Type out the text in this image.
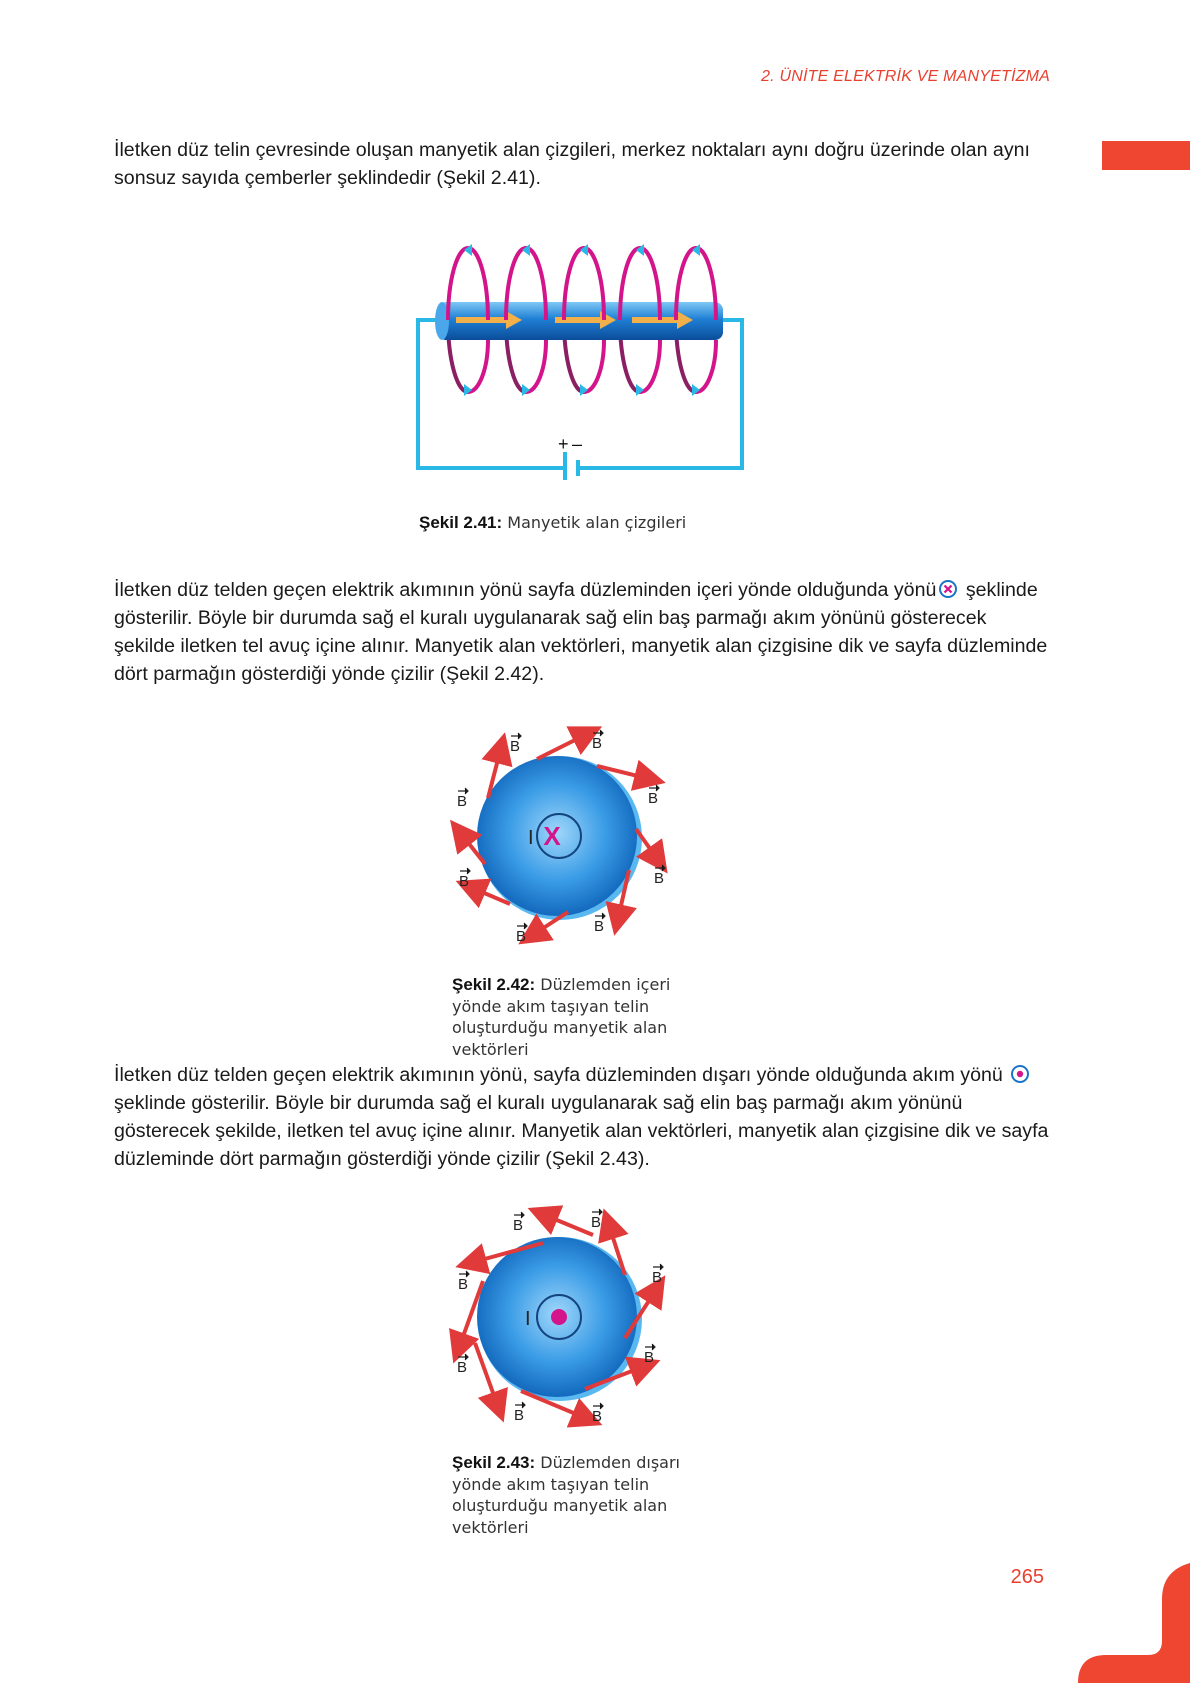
2. ÜNİTE ELEKTRİK VE MANYETİZMA

İletken düz telin çevresinde oluşan manyetik alan çizgileri, merkez noktaları aynı doğru üzerinde olan aynı sonsuz sayıda çemberler şeklindedir (Şekil 2.41).

+ –
Şekil 2.41: Manyetik alan çizgileri

İletken düz telden geçen elektrik akımının yönü sayfa düzleminden içeri yönde olduğunda yönü şeklinde gösterilir. Böyle bir durumda sağ el kuralı uygulanarak sağ elin baş parmağı akım yönünü gösterecek şekilde iletken tel avuç içine alınır. Manyetik alan vektörleri, manyetik alan çizgisine dik ve sayfa düzleminde dört parmağın gösterdiği yönde çizilir (Şekil 2.42).

X
I
B	B
B
B
B
B
B
B
Şekil 2.42: Düzlemden içeri yönde akım taşıyan telin oluşturduğu manyetik alan vektörleri

İletken düz telden geçen elektrik akımının yönü, sayfa düzleminden dışarı yönde olduğunda akım yönü  şeklinde gösterilir. Böyle bir durumda sağ el kuralı uygulanarak sağ elin baş parmağı akım yönünü gösterecek şekilde, iletken tel avuç içine alınır. Manyetik alan vektörleri, manyetik alan çizgisine dik ve sayfa düzleminde dört parmağın gösterdiği yönde çizilir (Şekil 2.43).

I
B	B
B
B
B
B
B
B
Şekil 2.43: Düzlemden dışarı yönde akım taşıyan telin oluşturduğu manyetik alan vektörleri
265
